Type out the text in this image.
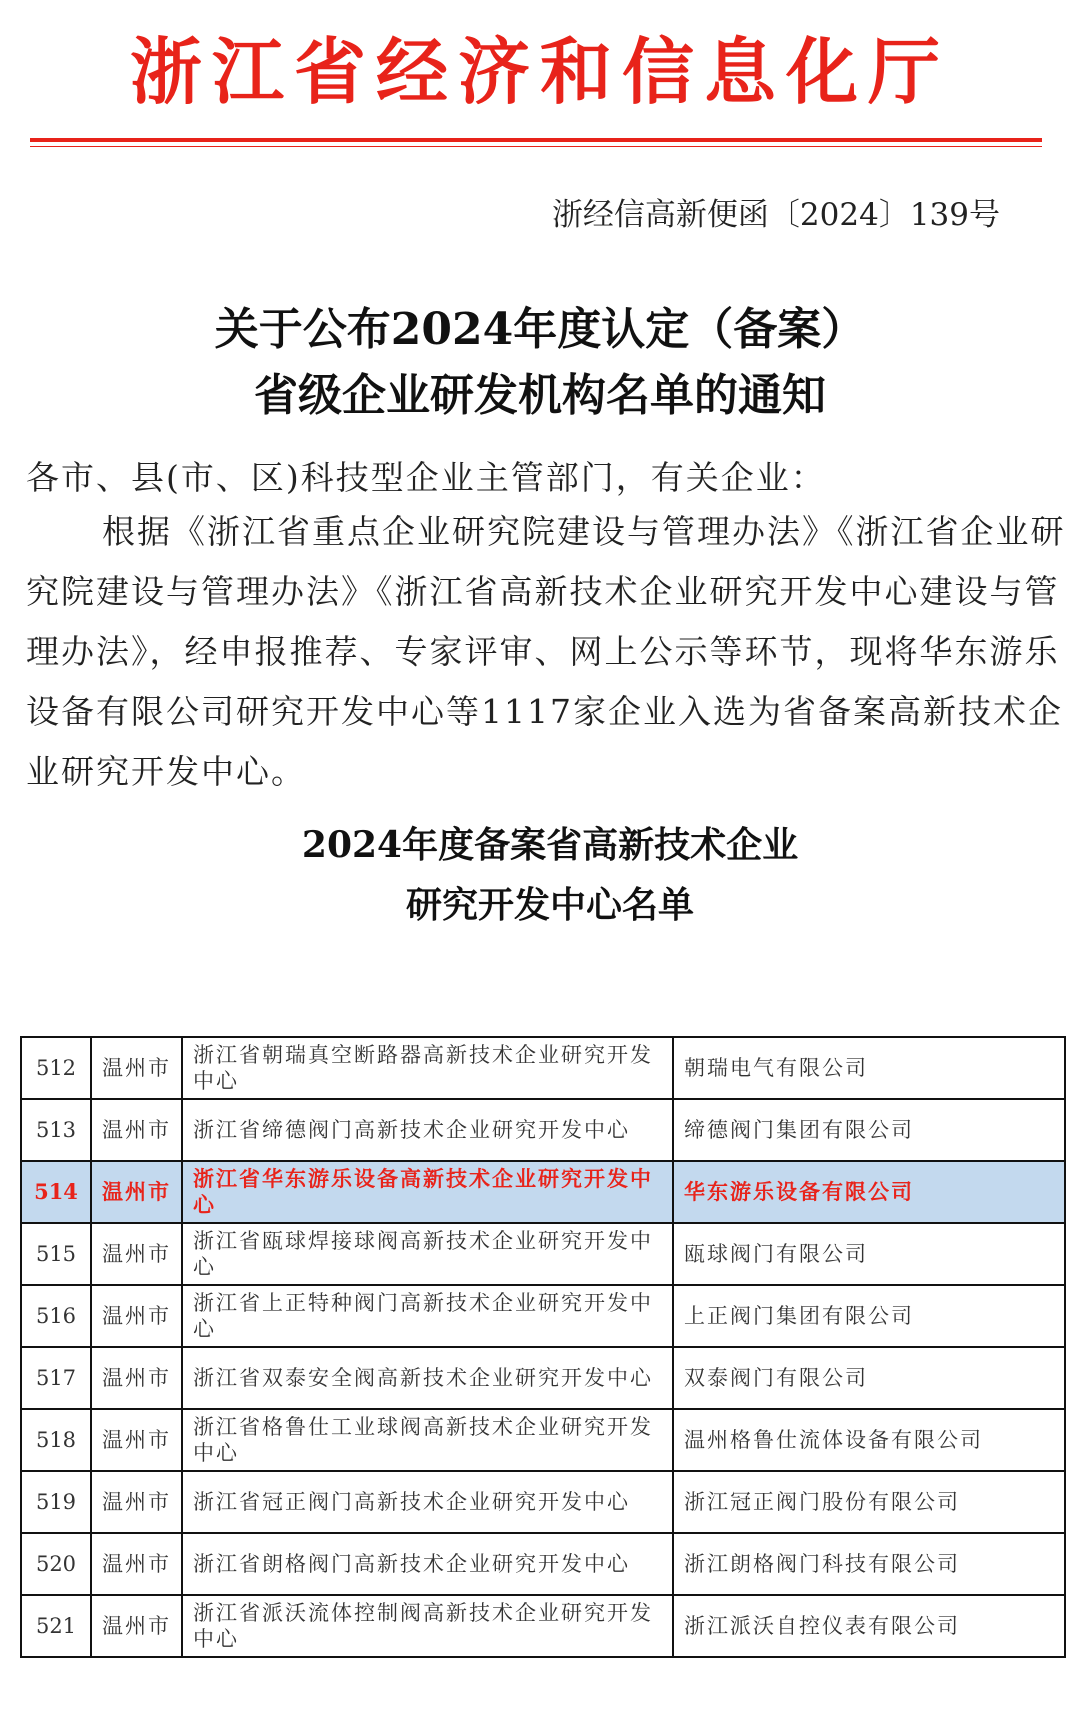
浙江省经济和信息化厅
浙经信高新便函〔2024〕139号
关于公布2024年度认定（备案）
省级企业研发机构名单的通知
各市、县(市、区)科技型企业主管部门，有关企业：
根据《浙江省重点企业研究院建设与管理办法》《浙江省企业研究院建设与管理办法》《浙江省高新技术企业研究开发中心建设与管理办法》，经申报推荐、专家评审、网上公示等环节，现将华东游乐设备有限公司研究开发中心等1117家企业入选为省备案高新技术企业研究开发中心。
2024年度备案省高新技术企业
研究开发中心名单
512	温州市	浙江省朝瑞真空断路器高新技术企业研究开发中心	朝瑞电气有限公司
513	温州市	浙江省缔德阀门高新技术企业研究开发中心	缔德阀门集团有限公司
514	温州市	浙江省华东游乐设备高新技术企业研究开发中心	华东游乐设备有限公司
515	温州市	浙江省瓯球焊接球阀高新技术企业研究开发中心	瓯球阀门有限公司
516	温州市	浙江省上正特种阀门高新技术企业研究开发中心	上正阀门集团有限公司
517	温州市	浙江省双泰安全阀高新技术企业研究开发中心	双泰阀门有限公司
518	温州市	浙江省格鲁仕工业球阀高新技术企业研究开发中心	温州格鲁仕流体设备有限公司
519	温州市	浙江省冠正阀门高新技术企业研究开发中心	浙江冠正阀门股份有限公司
520	温州市	浙江省朗格阀门高新技术企业研究开发中心	浙江朗格阀门科技有限公司
521	温州市	浙江省派沃流体控制阀高新技术企业研究开发中心	浙江派沃自控仪表有限公司
